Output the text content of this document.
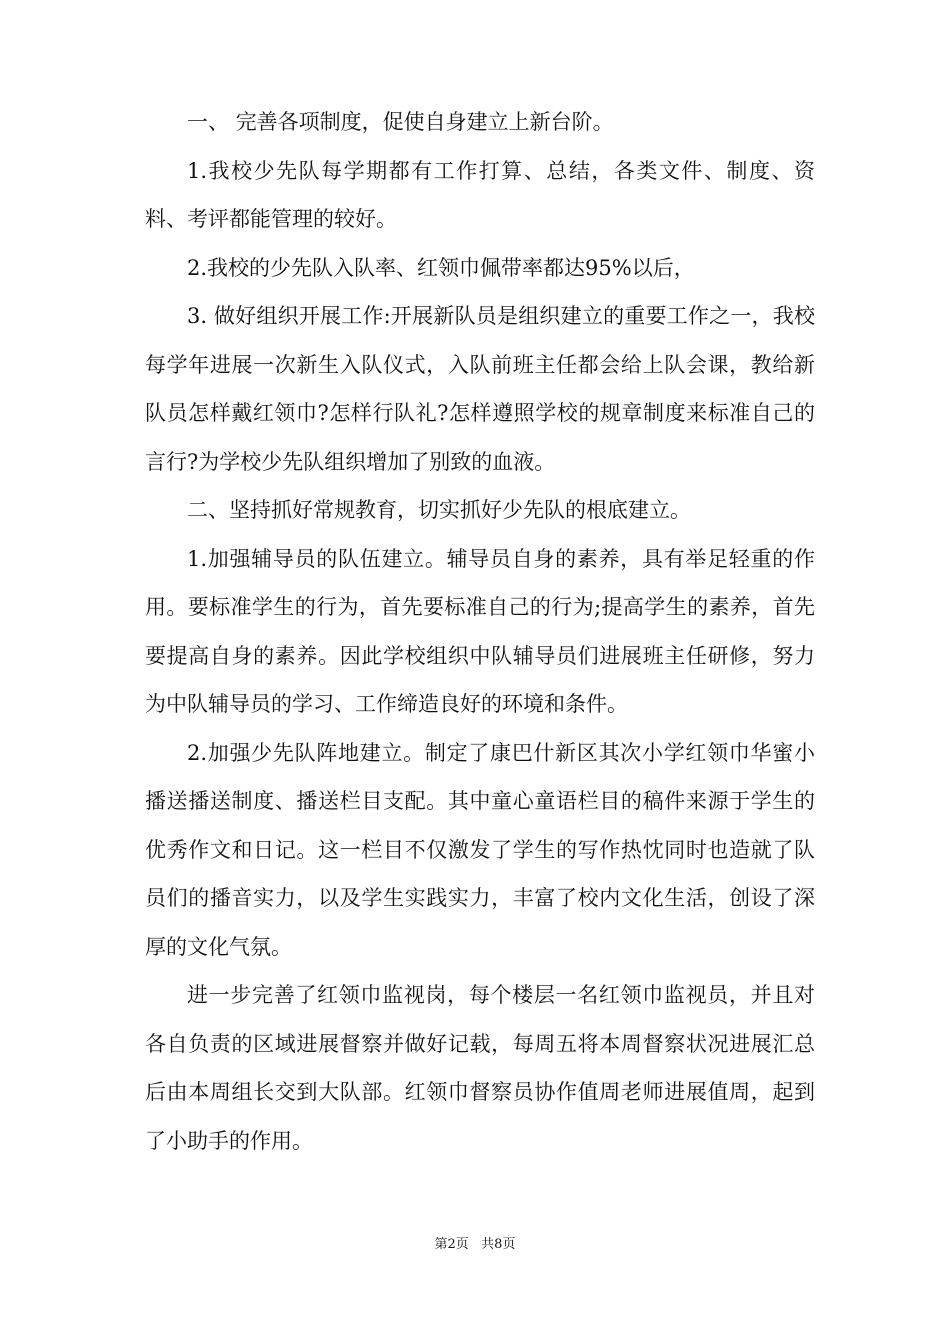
一、 完善各项制度，促使自身建立上新台阶。

1.我校少先队每学期都有工作打算、总结，各类文件、制度、资料、考评都能管理的较好。

2.我校的少先队入队率、红领巾佩带率都达95%以后，

3. 做好组织开展工作:开展新队员是组织建立的重要工作之一，我校每学年进展一次新生入队仪式，入队前班主任都会给上队会课，教给新队员怎样戴红领巾?怎样行队礼?怎样遵照学校的规章制度来标准自己的言行?为学校少先队组织增加了别致的血液。

二、坚持抓好常规教育，切实抓好少先队的根底建立。

1.加强辅导员的队伍建立。辅导员自身的素养，具有举足轻重的作用。要标准学生的行为，首先要标准自己的行为;提高学生的素养，首先要提高自身的素养。因此学校组织中队辅导员们进展班主任研修，努力为中队辅导员的学习、工作缔造良好的环境和条件。

2.加强少先队阵地建立。制定了康巴什新区其次小学红领巾华蜜小播送播送制度、播送栏目支配。其中童心童语栏目的稿件来源于学生的优秀作文和日记。这一栏目不仅激发了学生的写作热忱同时也造就了队员们的播音实力，以及学生实践实力，丰富了校内文化生活，创设了深厚的文化气氛。

进一步完善了红领巾监视岗，每个楼层一名红领巾监视员，并且对各自负责的区域进展督察并做好记载，每周五将本周督察状况进展汇总后由本周组长交到大队部。红领巾督察员协作值周老师进展值周，起到了小助手的作用。

第2页   共8页
